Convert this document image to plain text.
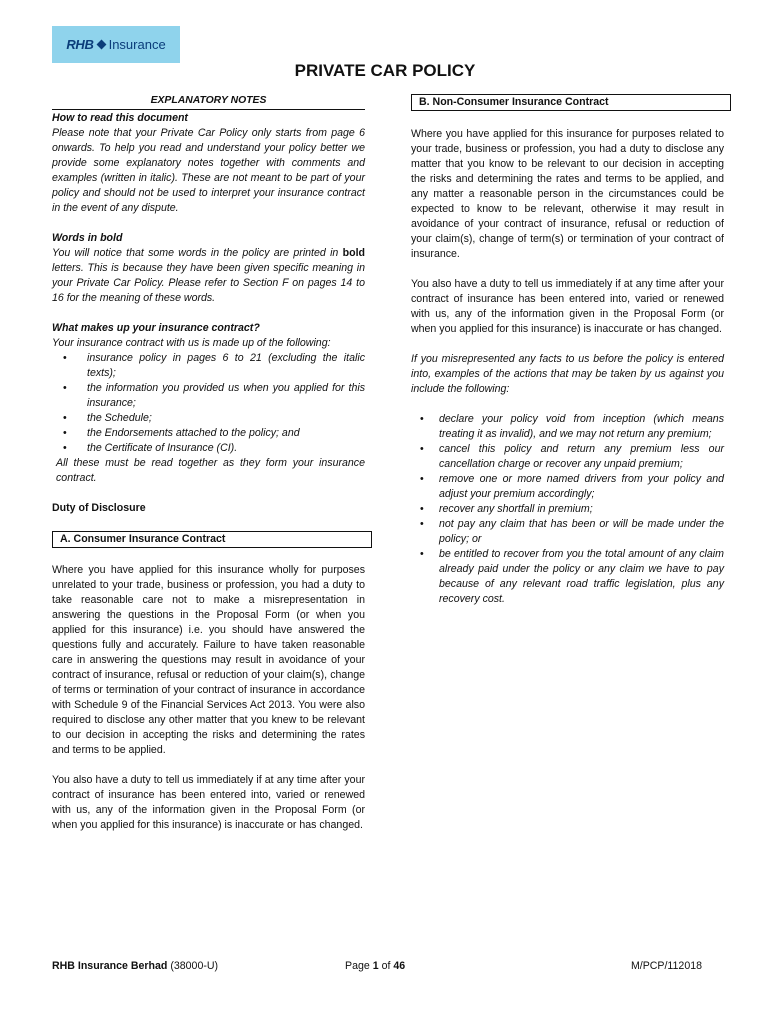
RHB Insurance
PRIVATE CAR POLICY
EXPLANATORY NOTES
How to read this document
Please note that your Private Car Policy only starts from page 6 onwards. To help you read and understand your policy better we provide some explanatory notes together with comments and examples (written in italic). These are not meant to be part of your policy and should not be used to interpret your insurance contract in the event of any dispute.
Words in bold
You will notice that some words in the policy are printed in bold letters. This is because they have been given specific meaning in your Private Car Policy. Please refer to Section F on pages 14 to 16 for the meaning of these words.
What makes up your insurance contract?
Your insurance contract with us is made up of the following:
• insurance policy in pages 6 to 21 (excluding the italic texts);
• the information you provided us when you applied for this insurance;
• the Schedule;
• the Endorsements attached to the policy; and
• the Certificate of Insurance (CI).
All these must be read together as they form your insurance contract.
Duty of Disclosure
A. Consumer Insurance Contract
Where you have applied for this insurance wholly for purposes unrelated to your trade, business or profession, you had a duty to take reasonable care not to make a misrepresentation in answering the questions in the Proposal Form (or when you applied for this insurance) i.e. you should have answered the questions fully and accurately. Failure to have taken reasonable care in answering the questions may result in avoidance of your contract of insurance, refusal or reduction of your claim(s), change of terms or termination of your contract of insurance in accordance with Schedule 9 of the Financial Services Act 2013. You were also required to disclose any other matter that you knew to be relevant to our decision in accepting the risks and determining the rates and terms to be applied.
You also have a duty to tell us immediately if at any time after your contract of insurance has been entered into, varied or renewed with us, any of the information given in the Proposal Form (or when you applied for this insurance) is inaccurate or has changed.
B. Non-Consumer Insurance Contract
Where you have applied for this insurance for purposes related to your trade, business or profession, you had a duty to disclose any matter that you know to be relevant to our decision in accepting the risks and determining the rates and terms to be applied, and any matter a reasonable person in the circumstances could be expected to know to be relevant, otherwise it may result in avoidance of your contract of insurance, refusal or reduction of your claim(s), change of term(s) or termination of your contract of insurance.
You also have a duty to tell us immediately if at any time after your contract of insurance has been entered into, varied or renewed with us, any of the information given in the Proposal Form (or when you applied for this insurance) is inaccurate or has changed.
If you misrepresented any facts to us before the policy is entered into, examples of the actions that may be taken by us against you include the following:
• declare your policy void from inception (which means treating it as invalid), and we may not return any premium;
• cancel this policy and return any premium less our cancellation charge or recover any unpaid premium;
• remove one or more named drivers from your policy and adjust your premium accordingly;
• recover any shortfall in premium;
• not pay any claim that has been or will be made under the policy; or
• be entitled to recover from you the total amount of any claim already paid under the policy or any claim we have to pay because of any relevant road traffic legislation, plus any recovery cost.
RHB Insurance Berhad (38000-U)	Page 1 of 46	M/PCP/112018
